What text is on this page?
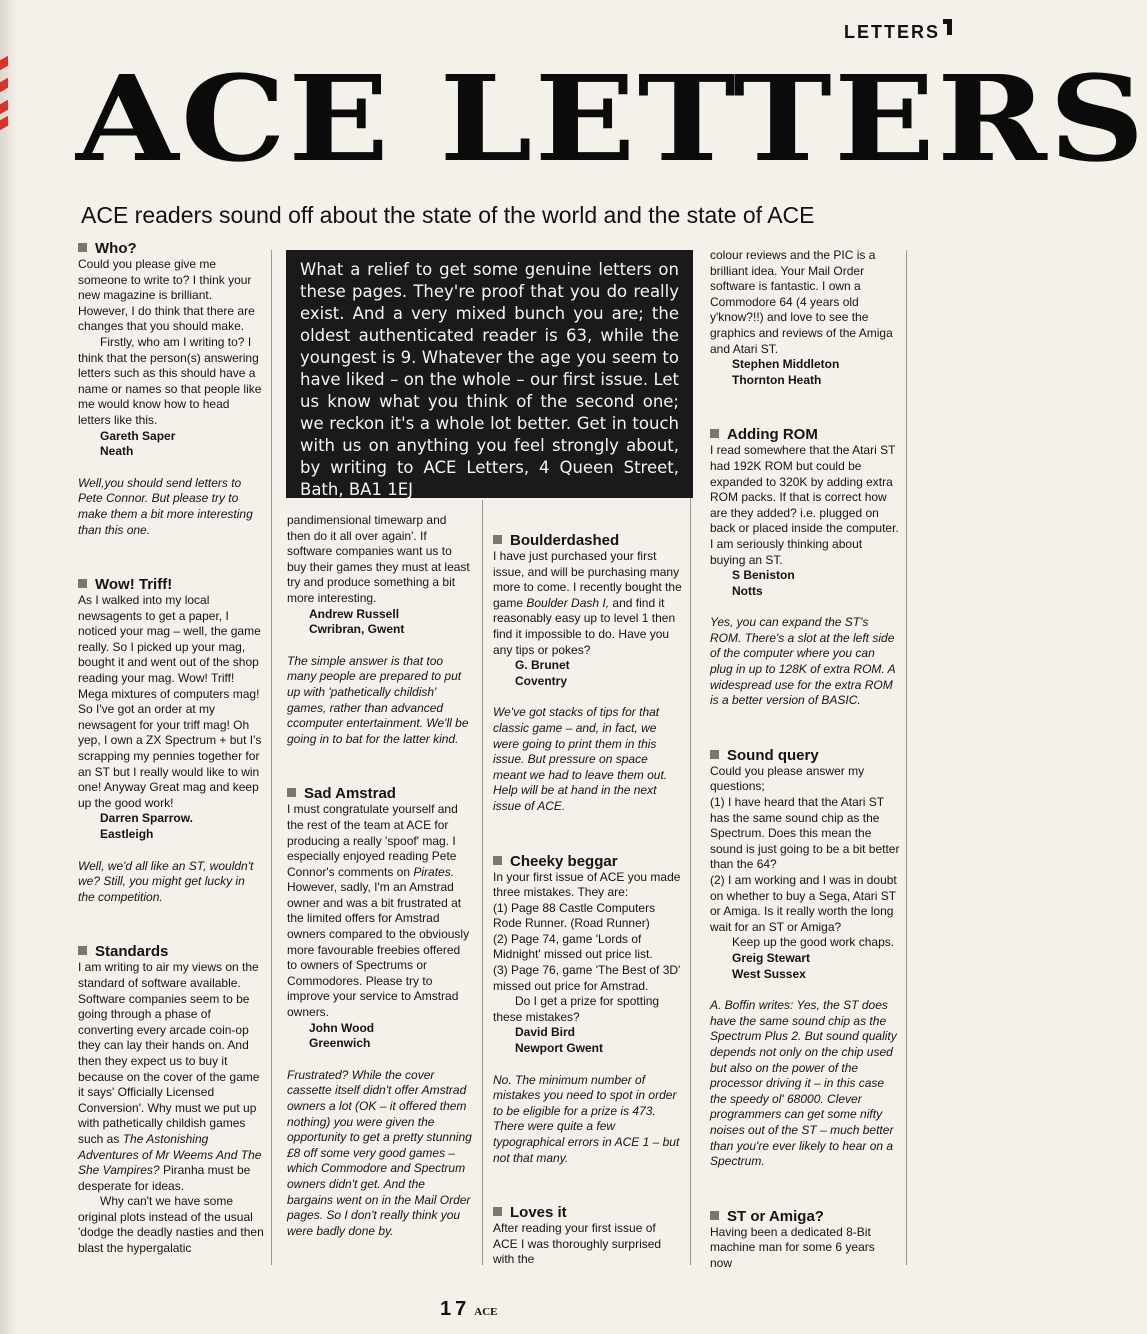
LETTERS
ACE LETTERS
ACE readers sound off about the state of the world and the state of ACE
Who?

Could you please give me someone to write to? I think your new magazine is brilliant. However, I do think that there are changes that you should make.

Firstly, who am I writing to? I think that the person(s) answering letters such as this should have a name or names so that people like me would know how to head letters like this.

Gareth Saper

Neath

Well,you should send letters to Pete Connor. But please try to make them a bit more interesting than this one.

Wow! Triff!

As I walked into my local newsagents to get a paper, I noticed your mag – well, the game really. So I picked up your mag, bought it and went out of the shop reading your mag. Wow! Triff! Mega mixtures of computers mag! So I've got an order at my newsagent for your triff mag! Oh yep, I own a ZX Spectrum + but I's scrapping my pennies together for an ST but I really would like to win one! Anyway Great mag and keep up the good work!

Darren Sparrow.

Eastleigh

Well, we'd all like an ST, wouldn't we? Still, you might get lucky in the competition.

Standards

I am writing to air my views on the standard of software available. Software companies seem to be going through a phase of converting every arcade coin-op they can lay their hands on. And then they expect us to buy it because on the cover of the game it says' Officially Licensed Conversion'. Why must we put up with pathetically childish games such as The Astonishing Adventures of Mr Weems And The She Vampires? Piranha must be desperate for ideas.

Why can't we have some original plots instead of the usual 'dodge the deadly nasties and then blast the hypergalatic

What a relief to get some genuine letters on these pages. They're proof that you do really exist. And a very mixed bunch you are; the oldest authenticated reader is 63, while the youngest is 9. Whatever the age you seem to have liked – on the whole – our first issue. Let us know what you think of the second one; we reckon it's a whole lot better. Get in touch with us on anything you feel strongly about, by writing to ACE Letters, 4 Queen Street, Bath, BA1 1EJ

pandimensional timewarp and then do it all over again'. If software companies want us to buy their games they must at least try and produce something a bit more interesting.

Andrew Russell

Cwribran, Gwent

The simple answer is that too many people are prepared to put up with 'pathetically childish' games, rather than advanced ccomputer entertainment. We'll be going in to bat for the latter kind.

Sad Amstrad

I must congratulate yourself and the rest of the team at ACE for producing a really 'spoof' mag. I especially enjoyed reading Pete Connor's comments on Pirates. However, sadly, I'm an Amstrad owner and was a bit frustrated at the limited offers for Amstrad owners compared to the obviously more favourable freebies offered to owners of Spectrums or Commodores. Please try to improve your service to Amstrad owners.

John Wood

Greenwich

Frustrated? While the cover cassette itself didn't offer Amstrad owners a lot (OK – it offered them nothing) you were given the opportunity to get a pretty stunning £8 off some very good games – which Commodore and Spectrum owners didn't get. And the bargains went on in the Mail Order pages. So I don't really think you were badly done by.

Boulderdashed

I have just purchased your first issue, and will be purchasing many more to come. I recently bought the game Boulder Dash I, and find it reasonably easy up to level 1 then find it impossible to do. Have you any tips or pokes?

G. Brunet

Coventry

We've got stacks of tips for that classic game – and, in fact, we were going to print them in this issue. But pressure on space meant we had to leave them out. Help will be at hand in the next issue of ACE.

Cheeky beggar

In your first issue of ACE you made three mistakes. They are:

(1) Page 88 Castle Computers Rode Runner. (Road Runner)

(2) Page 74, game 'Lords of Midnight' missed out price list.

(3) Page 76, game 'The Best of 3D' missed out price for Amstrad.

Do I get a prize for spotting these mistakes?

David Bird

Newport Gwent

No. The minimum number of mistakes you need to spot in order to be eligible for a prize is 473. There were quite a few typographical errors in ACE 1 – but not that many.

Loves it

After reading your first issue of ACE I was thoroughly surprised with the

colour reviews and the PIC is a brilliant idea. Your Mail Order software is fantastic. I own a Commodore 64 (4 years old y'know?!!) and love to see the graphics and reviews of the Amiga and Atari ST.

Stephen Middleton

Thornton Heath

Adding ROM

I read somewhere that the Atari ST had 192K ROM but could be expanded to 320K by adding extra ROM packs. If that is correct how are they added? i.e. plugged on back or placed inside the computer. I am seriously thinking about buying an ST.

S Beniston

Notts

Yes, you can expand the ST's ROM. There's a slot at the left side of the computer where you can plug in up to 128K of extra ROM. A widespread use for the extra ROM is a better version of BASIC.

Sound query

Could you please answer my questions;

(1) I have heard that the Atari ST has the same sound chip as the Spectrum. Does this mean the sound is just going to be a bit better than the 64?

(2) I am working and I was in doubt on whether to buy a Sega, Atari ST or Amiga. Is it really worth the long wait for an ST or Amiga?

Keep up the good work chaps.

Greig Stewart

West Sussex

A. Boffin writes: Yes, the ST does have the same sound chip as the Spectrum Plus 2. But sound quality depends not only on the chip used but also on the power of the processor driving it – in this case the speedy ol' 68000. Clever programmers can get some nifty noises out of the ST – much better than you're ever likely to hear on a Spectrum.

ST or Amiga?

Having been a dedicated 8-Bit machine man for some 6 years now

17 ACE
